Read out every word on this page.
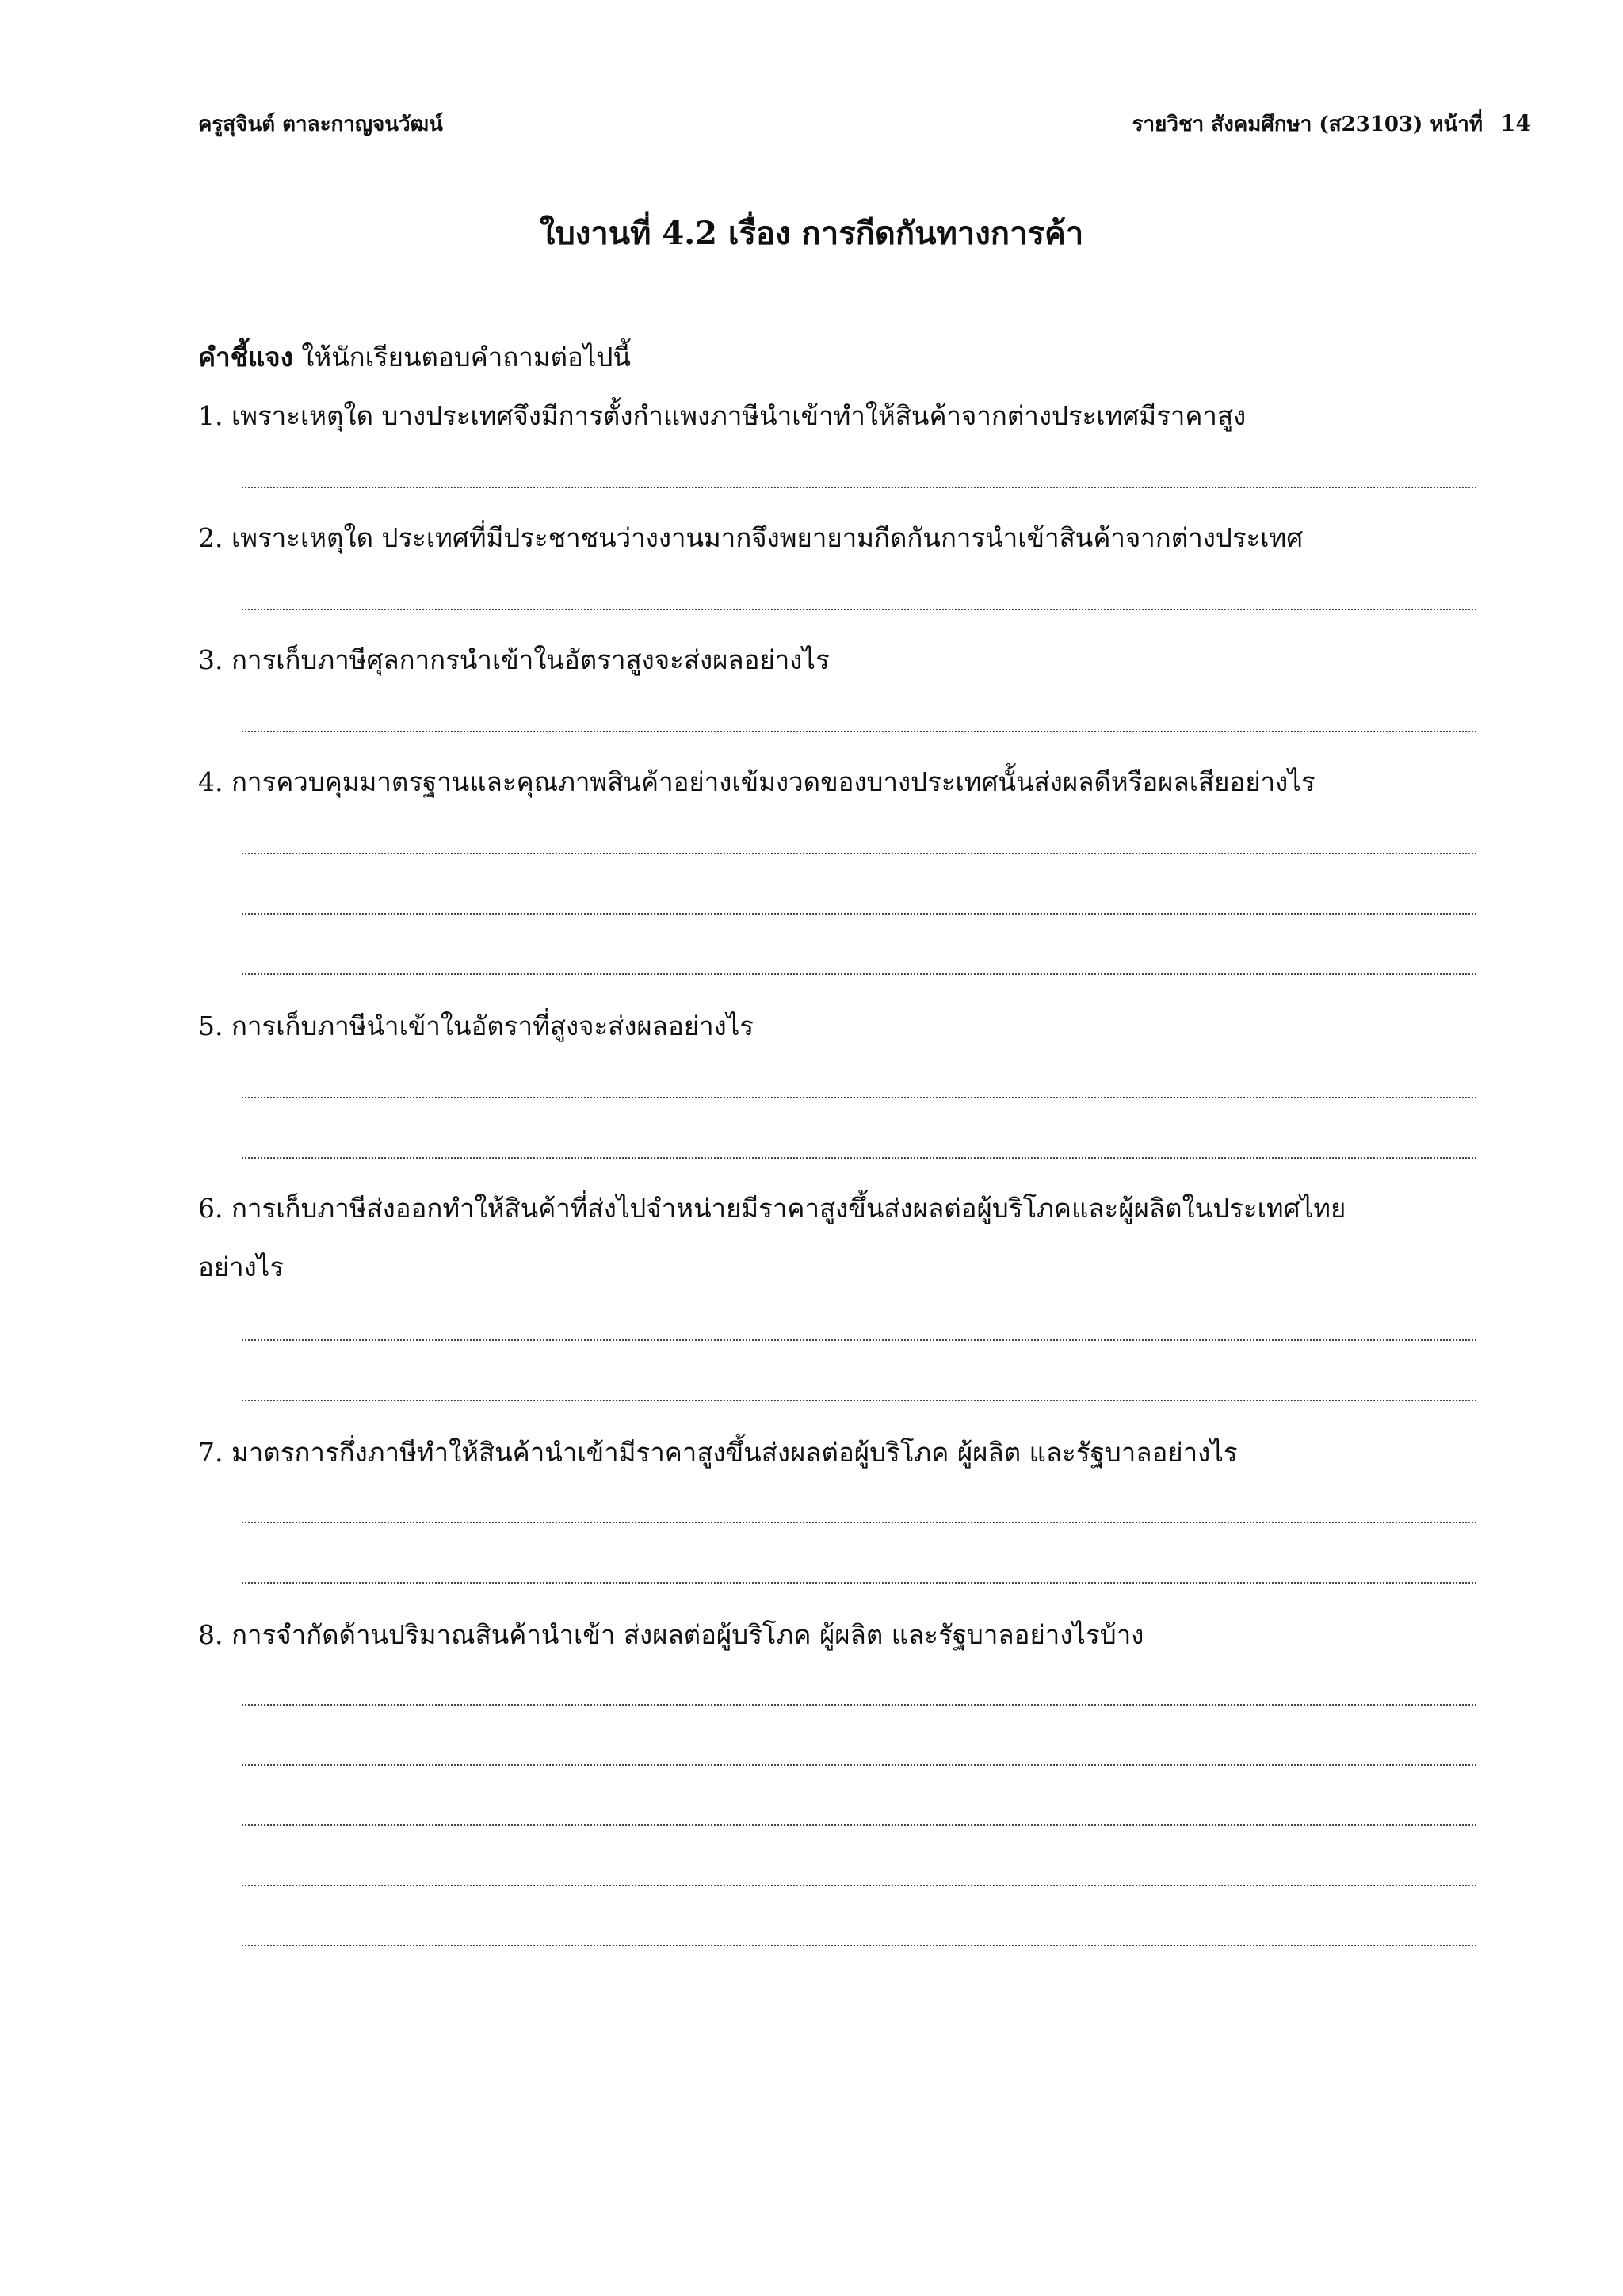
ครูสุจินต์ ตาละกาญจนวัฒน์	รายวิชา สังคมศึกษา (ส23103) หน้าที่ 14
ใบงานที่ 4.2 เรื่อง การกีดกันทางการค้า
คำชี้แจง ให้นักเรียนตอบคำถามต่อไปนี้
1. เพราะเหตุใด บางประเทศจึงมีการตั้งกำแพงภาษีนำเข้าทำให้สินค้าจากต่างประเทศมีราคาสูง
2. เพราะเหตุใด ประเทศที่มีประชาชนว่างงานมากจึงพยายามกีดกันการนำเข้าสินค้าจากต่างประเทศ
3. การเก็บภาษีศุลกากรนำเข้าในอัตราสูงจะส่งผลอย่างไร
4. การควบคุมมาตรฐานและคุณภาพสินค้าอย่างเข้มงวดของบางประเทศนั้นส่งผลดีหรือผลเสียอย่างไร
5. การเก็บภาษีนำเข้าในอัตราที่สูงจะส่งผลอย่างไร
6. การเก็บภาษีส่งออกทำให้สินค้าที่ส่งไปจำหน่ายมีราคาสูงขึ้นส่งผลต่อผู้บริโภคและผู้ผลิตในประเทศไทย
อย่างไร
7. มาตรการกึ่งภาษีทำให้สินค้านำเข้ามีราคาสูงขึ้นส่งผลต่อผู้บริโภค ผู้ผลิต และรัฐบาลอย่างไร
8. การจำกัดด้านปริมาณสินค้านำเข้า ส่งผลต่อผู้บริโภค ผู้ผลิต และรัฐบาลอย่างไรบ้าง
